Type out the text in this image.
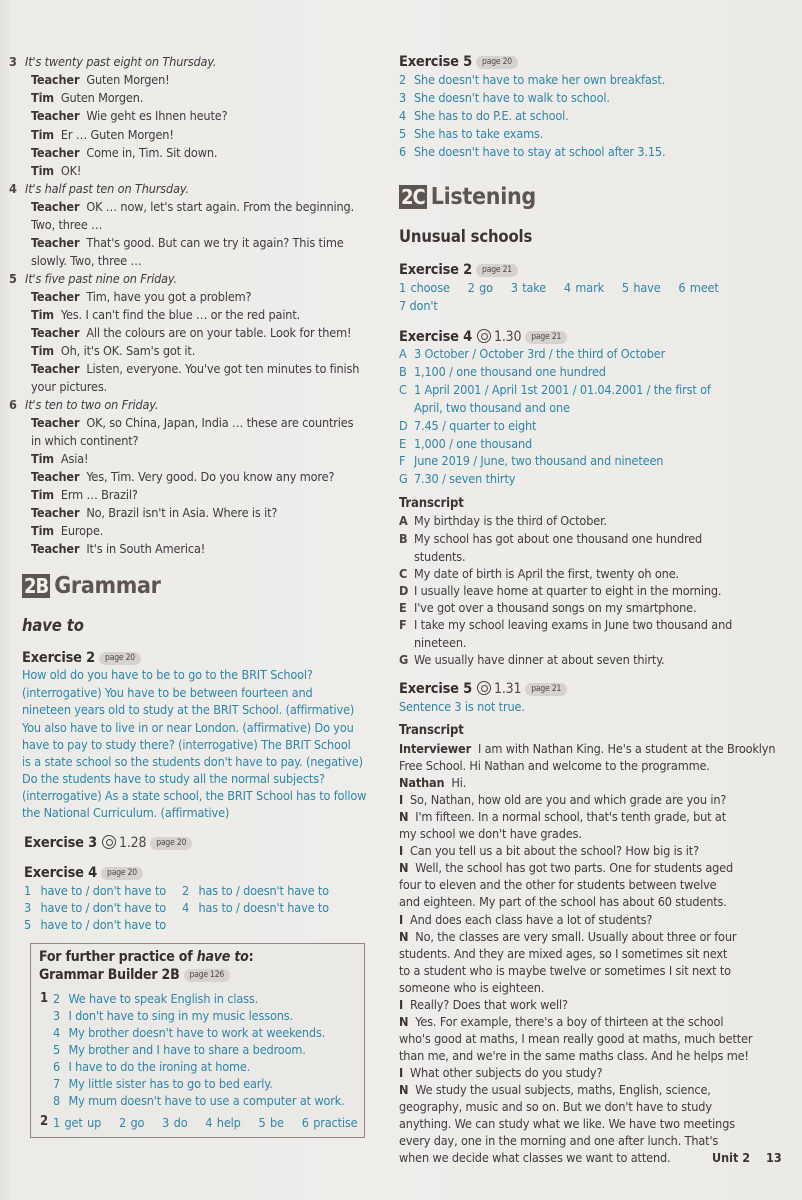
3 It's twenty past eight on Thursday.
Teacher Guten Morgen!
Tim Guten Morgen.
Teacher Wie geht es Ihnen heute?
Tim Er … Guten Morgen!
Teacher Come in, Tim. Sit down.
Tim OK!
4 It's half past ten on Thursday.
Teacher OK … now, let's start again. From the beginning.
Two, three …
Teacher That's good. But can we try it again? This time
slowly. Two, three …
5 It's five past nine on Friday.
Teacher Tim, have you got a problem?
Tim Yes. I can't find the blue … or the red paint.
Teacher All the colours are on your table. Look for them!
Tim Oh, it's OK. Sam's got it.
Teacher Listen, everyone. You've got ten minutes to finish
your pictures.
6 It's ten to two on Friday.
Teacher OK, so China, Japan, India … these are countries
in which continent?
Tim Asia!
Teacher Yes, Tim. Very good. Do you know any more?
Tim Erm … Brazil?
Teacher No, Brazil isn't in Asia. Where is it?
Tim Europe.
Teacher It's in South America!
2B Grammar
have to
Exercise 2 page 20
How old do you have to be to go to the BRIT School?
(interrogative) You have to be between fourteen and
nineteen years old to study at the BRIT School. (affirmative)
You also have to live in or near London. (affirmative) Do you
have to pay to study there? (interrogative) The BRIT School
is a state school so the students don't have to pay. (negative)
Do the students have to study all the normal subjects?
(interrogative) As a state school, the BRIT School has to follow
the National Curriculum. (affirmative)
Exercise 3 1.28 page 20
Exercise 4 page 20
1 have to / don't have to 2 has to / doesn't have to
3 have to / don't have to 4 has to / doesn't have to
5 have to / don't have to
For further practice of have to:
Grammar Builder 2B page 126
1 2 We have to speak English in class.
3 I don't have to sing in my music lessons.
4 My brother doesn't have to work at weekends.
5 My brother and I have to share a bedroom.
6 I have to do the ironing at home.
7 My little sister has to go to bed early.
8 My mum doesn't have to use a computer at work.
2 1 get up 2 go 3 do 4 help 5 be 6 practise
Exercise 5 page 20
2 She doesn't have to make her own breakfast.
3 She doesn't have to walk to school.
4 She has to do P.E. at school.
5 She has to take exams.
6 She doesn't have to stay at school after 3.15.
2C Listening
Unusual schools
Exercise 2 page 21
1 choose 2 go 3 take 4 mark 5 have 6 meet
7 don't
Exercise 4 1.30 page 21
A 3 October / October 3rd / the third of October
B 1,100 / one thousand one hundred
C 1 April 2001 / April 1st 2001 / 01.04.2001 / the first of
April, two thousand and one
D 7.45 / quarter to eight
E 1,000 / one thousand
F June 2019 / June, two thousand and nineteen
G 7.30 / seven thirty
Transcript
A My birthday is the third of October.
B My school has got about one thousand one hundred
students.
C My date of birth is April the first, twenty oh one.
D I usually leave home at quarter to eight in the morning.
E I've got over a thousand songs on my smartphone.
F I take my school leaving exams in June two thousand and
nineteen.
G We usually have dinner at about seven thirty.
Exercise 5 1.31 page 21
Sentence 3 is not true.
Transcript
Interviewer I am with Nathan King. He's a student at the Brooklyn
Free School. Hi Nathan and welcome to the programme.
Nathan Hi.
I So, Nathan, how old are you and which grade are you in?
N I'm fifteen. In a normal school, that's tenth grade, but at
my school we don't have grades.
I Can you tell us a bit about the school? How big is it?
N Well, the school has got two parts. One for students aged
four to eleven and the other for students between twelve
and eighteen. My part of the school has about 60 students.
I And does each class have a lot of students?
N No, the classes are very small. Usually about three or four
students. And they are mixed ages, so I sometimes sit next
to a student who is maybe twelve or sometimes I sit next to
someone who is eighteen.
I Really? Does that work well?
N Yes. For example, there's a boy of thirteen at the school
who's good at maths, I mean really good at maths, much better
than me, and we're in the same maths class. And he helps me!
I What other subjects do you study?
N We study the usual subjects, maths, English, science,
geography, music and so on. But we don't have to study
anything. We can study what we like. We have two meetings
every day, one in the morning and one after lunch. That's
when we decide what classes we want to attend.	Unit 2 13
